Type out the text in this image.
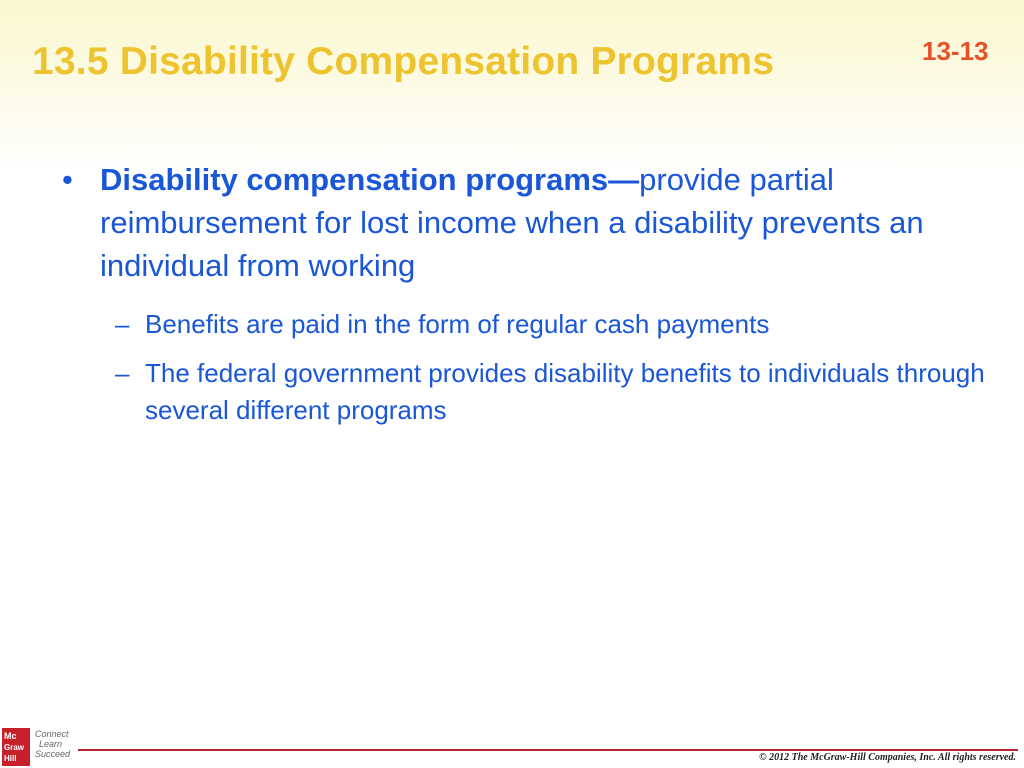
13.5 Disability Compensation Programs	13-13
• Disability compensation programs—provide partial reimbursement for lost income when a disability prevents an individual from working
– Benefits are paid in the form of regular cash payments
– The federal government provides disability benefits to individuals through several different programs
Mc
Graw
Hill
Connect
Learn
Succeed	© 2012 The McGraw-Hill Companies, Inc. All rights reserved.
